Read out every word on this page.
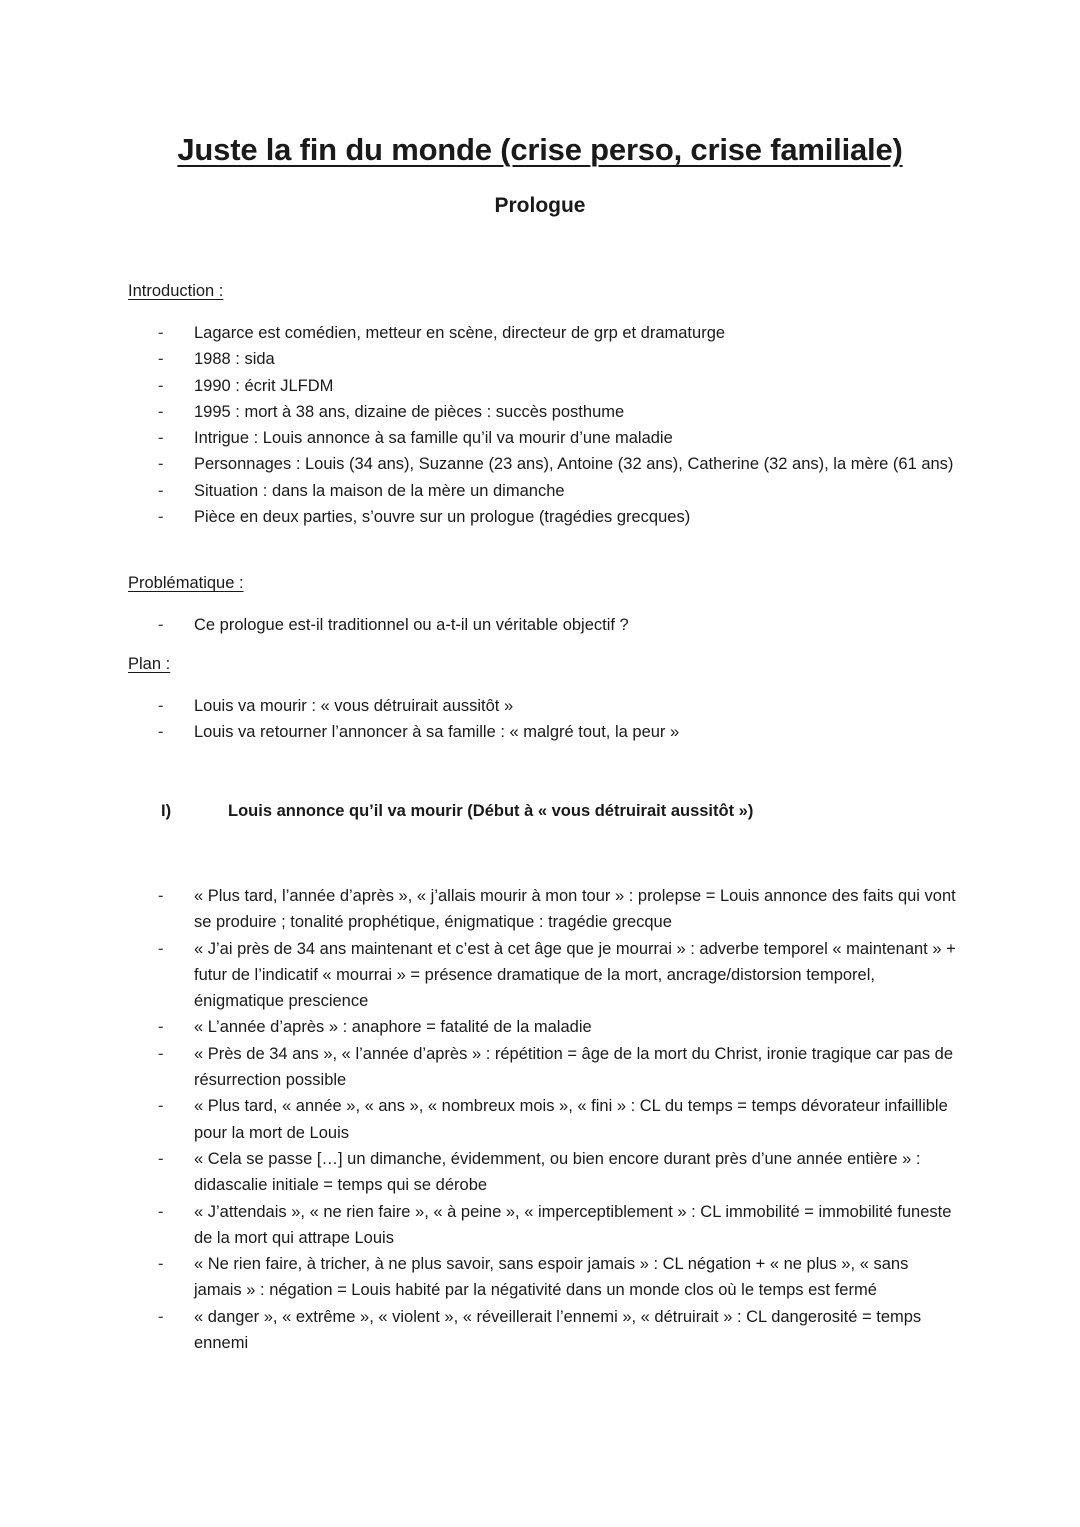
Juste la fin du monde (crise perso, crise familiale)
Prologue

Introduction :

- Lagarce est comédien, metteur en scène, directeur de grp et dramaturge
- 1988 : sida
- 1990 : écrit JLFDM
- 1995 : mort à 38 ans, dizaine de pièces : succès posthume
- Intrigue : Louis annonce à sa famille qu’il va mourir d’une maladie
- Personnages : Louis (34 ans), Suzanne (23 ans), Antoine (32 ans), Catherine (32 ans), la mère (61 ans)
- Situation : dans la maison de la mère un dimanche
- Pièce en deux parties, s’ouvre sur un prologue (tragédies grecques)

Problématique :

- Ce prologue est-il traditionnel ou a-t-il un véritable objectif ?

Plan :

- Louis va mourir : « vous détruirait aussitôt »
- Louis va retourner l’annoncer à sa famille : « malgré tout, la peur »
I)	Louis annonce qu’il va mourir (Début à « vous détruirait aussitôt »)
- « Plus tard, l’année d’après », « j’allais mourir à mon tour » : prolepse = Louis annonce des faits qui vont se produire ; tonalité prophétique, énigmatique : tragédie grecque
- « J’ai près de 34 ans maintenant et c’est à cet âge que je mourrai » : adverbe temporel « maintenant » + futur de l’indicatif « mourrai » = présence dramatique de la mort, ancrage/distorsion temporel, énigmatique prescience
- « L’année d’après » : anaphore = fatalité de la maladie
- « Près de 34 ans », « l’année d’après » : répétition = âge de la mort du Christ, ironie tragique car pas de résurrection possible
- « Plus tard, « année », « ans », « nombreux mois », « fini » : CL du temps = temps dévorateur infaillible pour la mort de Louis
- « Cela se passe […] un dimanche, évidemment, ou bien encore durant près d’une année entière » : didascalie initiale = temps qui se dérobe
- « J’attendais », « ne rien faire », « à peine », « imperceptiblement » : CL immobilité = immobilité funeste de la mort qui attrape Louis
- « Ne rien faire, à tricher, à ne plus savoir, sans espoir jamais » : CL négation + « ne plus », « sans jamais » : négation = Louis habité par la négativité dans un monde clos où le temps est fermé
- « danger », « extrême », « violent », « réveillerait l’ennemi », « détruirait » : CL dangerosité = temps ennemi
